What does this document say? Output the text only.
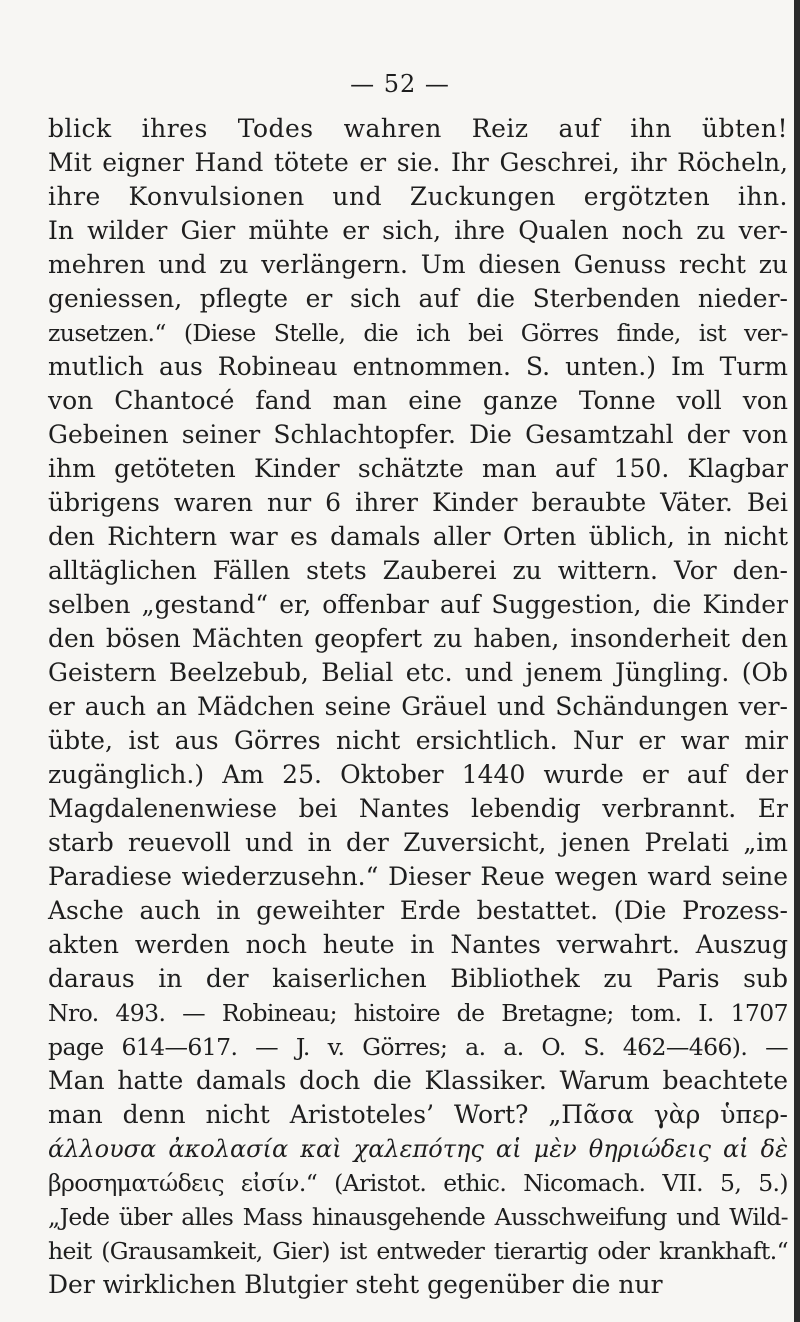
— 52 —
blick ihres Todes wahren Reiz auf ihn übten!
Mit eigner Hand tötete er sie. Ihr Geschrei, ihr Röcheln,
ihre Konvulsionen und Zuckungen ergötzten ihn.
In wilder Gier mühte er sich, ihre Qualen noch zu ver-
mehren und zu verlängern. Um diesen Genuss recht zu
geniessen, pflegte er sich auf die Sterbenden nieder-
zusetzen.“ (Diese Stelle, die ich bei Görres finde, ist ver-
mutlich aus Robineau entnommen. S. unten.) Im Turm
von Chantocé fand man eine ganze Tonne voll von
Gebeinen seiner Schlachtopfer. Die Gesamtzahl der von
ihm getöteten Kinder schätzte man auf 150. Klagbar
übrigens waren nur 6 ihrer Kinder beraubte Väter. Bei
den Richtern war es damals aller Orten üblich, in nicht
alltäglichen Fällen stets Zauberei zu wittern. Vor den-
selben „gestand“ er, offenbar auf Suggestion, die Kinder
den bösen Mächten geopfert zu haben, insonderheit den
Geistern Beelzebub, Belial etc. und jenem Jüngling. (Ob
er auch an Mädchen seine Gräuel und Schändungen ver-
übte, ist aus Görres nicht ersichtlich. Nur er war mir
zugänglich.) Am 25. Oktober 1440 wurde er auf der
Magdalenenwiese bei Nantes lebendig verbrannt. Er
starb reuevoll und in der Zuversicht, jenen Prelati „im
Paradiese wiederzusehn.“ Dieser Reue wegen ward seine
Asche auch in geweihter Erde bestattet. (Die Prozess-
akten werden noch heute in Nantes verwahrt. Auszug
daraus in der kaiserlichen Bibliothek zu Paris sub
Nro. 493. — Robineau; histoire de Bretagne; tom. I. 1707
page 614—617. — J. v. Görres; a. a. O. S. 462—466). —
Man hatte damals doch die Klassiker. Warum beachtete
man denn nicht Aristoteles’ Wort? „Πᾶσα γὰρ ὑπερ-
άλλουσα ἀκολασία καὶ χαλεπότης αἱ μὲν θηριώδεις αἱ δὲ
βροσηματώδεις εἰσίν.“ (Aristot. ethic. Nicomach. VII. 5, 5.)
„Jede über alles Mass hinausgehende Ausschweifung und Wild-
heit (Grausamkeit, Gier) ist entweder tierartig oder krankhaft.“
Der wirklichen Blutgier steht gegenüber die nur
